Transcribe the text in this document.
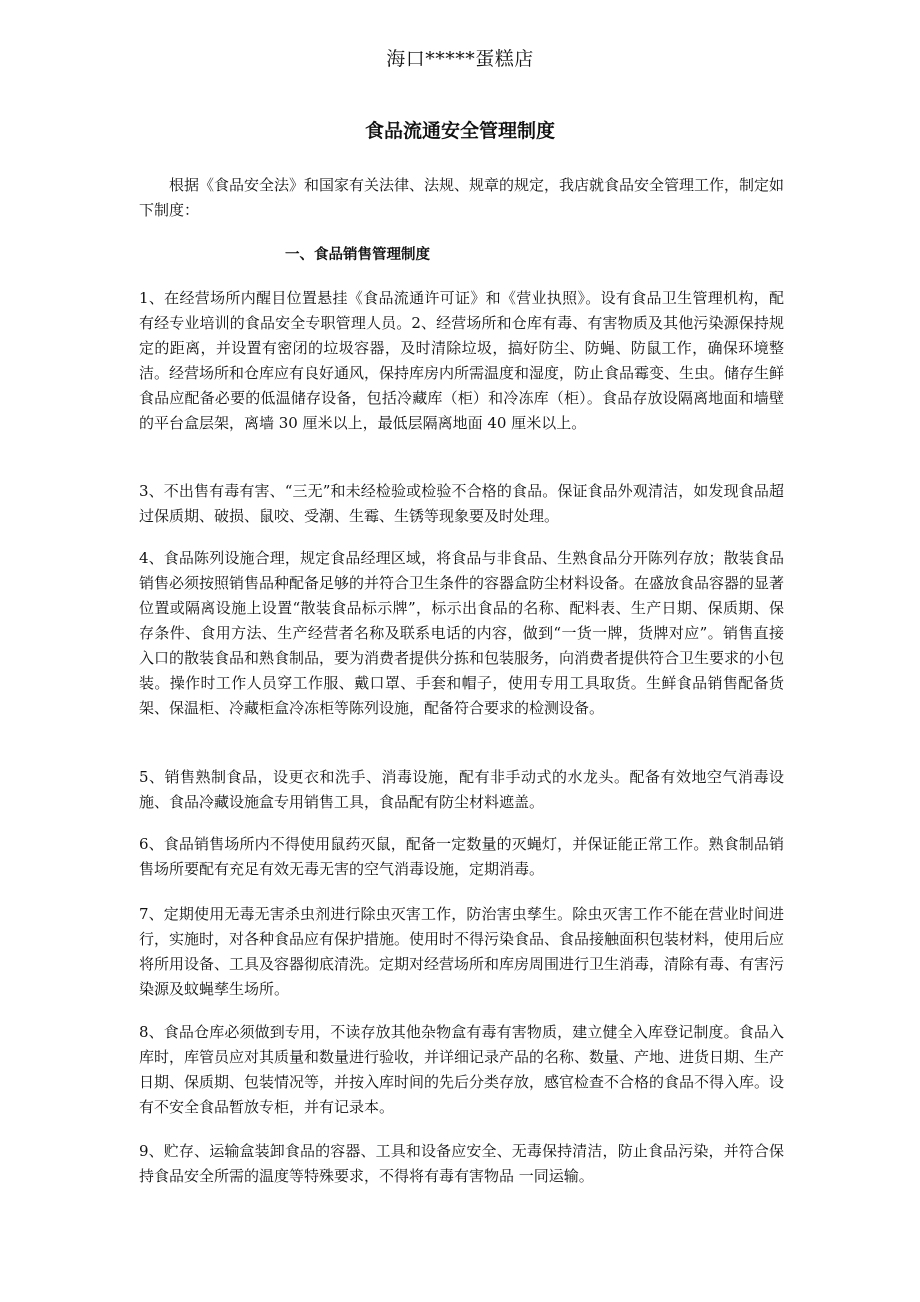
海口*****蛋糕店
食品流通安全管理制度
根据《食品安全法》和国家有关法律、法规、规章的规定，我店就食品安全管理工作，制定如下制度：
一、食品销售管理制度
1、在经营场所内醒目位置悬挂《食品流通许可证》和《营业执照》。设有食品卫生管理机构，配有经专业培训的食品安全专职管理人员。2、经营场所和仓库有毒、有害物质及其他污染源保持规定的距离，并设置有密闭的垃圾容器，及时清除垃圾，搞好防尘、防蝇、防鼠工作，确保环境整洁。经营场所和仓库应有良好通风，保持库房内所需温度和湿度，防止食品霉变、生虫。储存生鲜食品应配备必要的低温储存设备，包括冷藏库（柜）和冷冻库（柜）。食品存放设隔离地面和墙壁的平台盒层架，离墙 30 厘米以上，最低层隔离地面 40 厘米以上。
3、不出售有毒有害、“三无”和未经检验或检验不合格的食品。保证食品外观清洁，如发现食品超过保质期、破损、鼠咬、受潮、生霉、生锈等现象要及时处理。
4、食品陈列设施合理，规定食品经理区域，将食品与非食品、生熟食品分开陈列存放；散装食品销售必须按照销售品种配备足够的并符合卫生条件的容器盒防尘材料设备。在盛放食品容器的显著位置或隔离设施上设置“散装食品标示牌”，标示出食品的名称、配料表、生产日期、保质期、保存条件、食用方法、生产经营者名称及联系电话的内容，做到“一货一牌，货牌对应”。销售直接入口的散装食品和熟食制品，要为消费者提供分拣和包装服务，向消费者提供符合卫生要求的小包装。操作时工作人员穿工作服、戴口罩、手套和帽子，使用专用工具取货。生鲜食品销售配备货架、保温柜、冷藏柜盒冷冻柜等陈列设施，配备符合要求的检测设备。
5、销售熟制食品，设更衣和洗手、消毒设施，配有非手动式的水龙头。配备有效地空气消毒设施、食品冷藏设施盒专用销售工具，食品配有防尘材料遮盖。
6、食品销售场所内不得使用鼠药灭鼠，配备一定数量的灭蝇灯，并保证能正常工作。熟食制品销售场所要配有充足有效无毒无害的空气消毒设施，定期消毒。
7、定期使用无毒无害杀虫剂进行除虫灭害工作，防治害虫孳生。除虫灭害工作不能在营业时间进行，实施时，对各种食品应有保护措施。使用时不得污染食品、食品接触面积包装材料，使用后应将所用设备、工具及容器彻底清洗。定期对经营场所和库房周围进行卫生消毒，清除有毒、有害污染源及蚊蝇孳生场所。
8、食品仓库必须做到专用，不读存放其他杂物盒有毒有害物质，建立健全入库登记制度。食品入库时，库管员应对其质量和数量进行验收，并详细记录产品的名称、数量、产地、进货日期、生产日期、保质期、包装情况等，并按入库时间的先后分类存放，感官检查不合格的食品不得入库。设有不安全食品暂放专柜，并有记录本。
9、贮存、运输盒装卸食品的容器、工具和设备应安全、无毒保持清洁，防止食品污染，并符合保持食品安全所需的温度等特殊要求，不得将有毒有害物品 一同运输。
